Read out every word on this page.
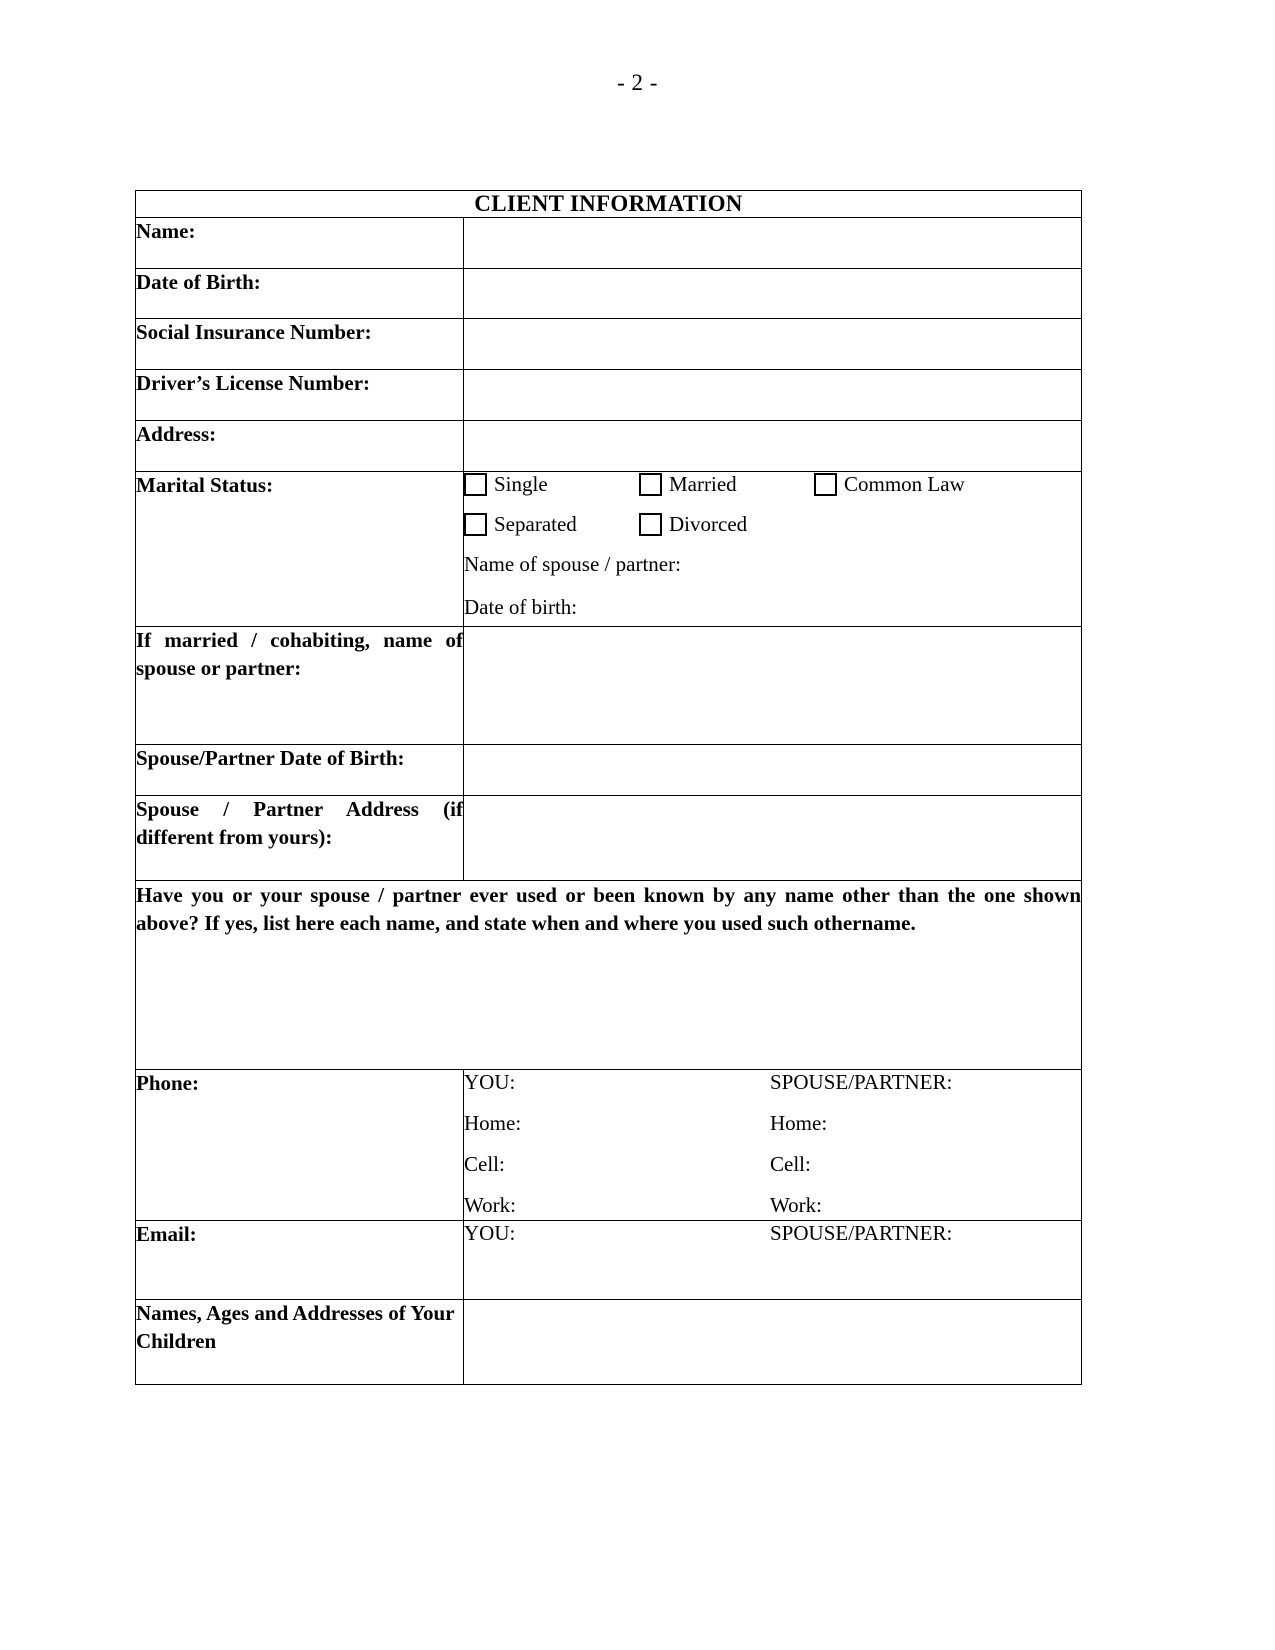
- 2 -
CLIENT INFORMATION	

Name:	

Date of Birth:	

Social Insurance Number:	

Driver’s License Number:	

Address:	

Marital Status:	Single	Married	Common Law
Separated	Divorced
Name of spouse / partner:
Date of birth:

If married / cohabiting, name of spouse or partner:	

Spouse/Partner Date of Birth:	

Spouse / Partner Address (if different from yours):	

Have you or your spouse / partner ever used or been known by any name other than the one shown above? If yes, list here each name, and state when and where you used such othername.	

Phone:	YOU:	SPOUSE/PARTNER:
Home:	Home:
Cell:	Cell:
Work:	Work:

Email:	YOU: SPOUSE/PARTNER:

Names, Ages and Addresses of Your Children	
